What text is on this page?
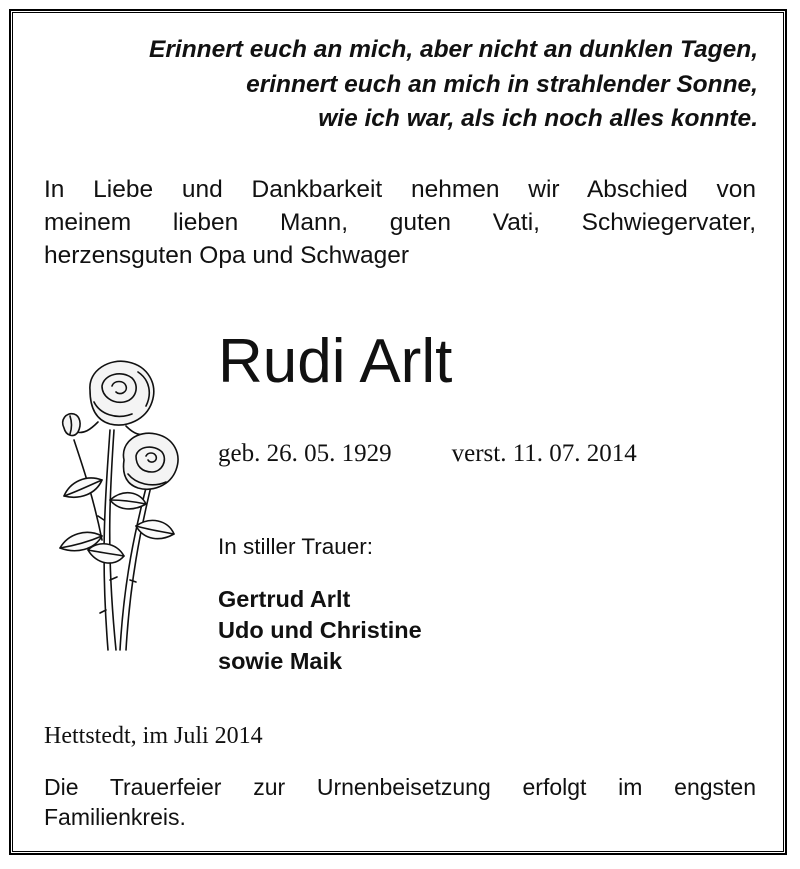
Erinnert euch an mich, aber nicht an dunklen Tagen,
erinnert euch an mich in strahlender Sonne,
wie ich war, als ich noch alles konnte.
In Liebe und Dankbarkeit nehmen wir Abschied von
meinem lieben Mann, guten Vati, Schwiegervater,
herzensguten Opa und Schwager
Rudi Arlt
geb. 26. 05. 1929 verst. 11. 07. 2014
In stiller Trauer:
Gertrud Arlt
Udo und Christine
sowie Maik
Hettstedt, im Juli 2014
Die Trauerfeier zur Urnenbeisetzung erfolgt im engsten
Familienkreis.
